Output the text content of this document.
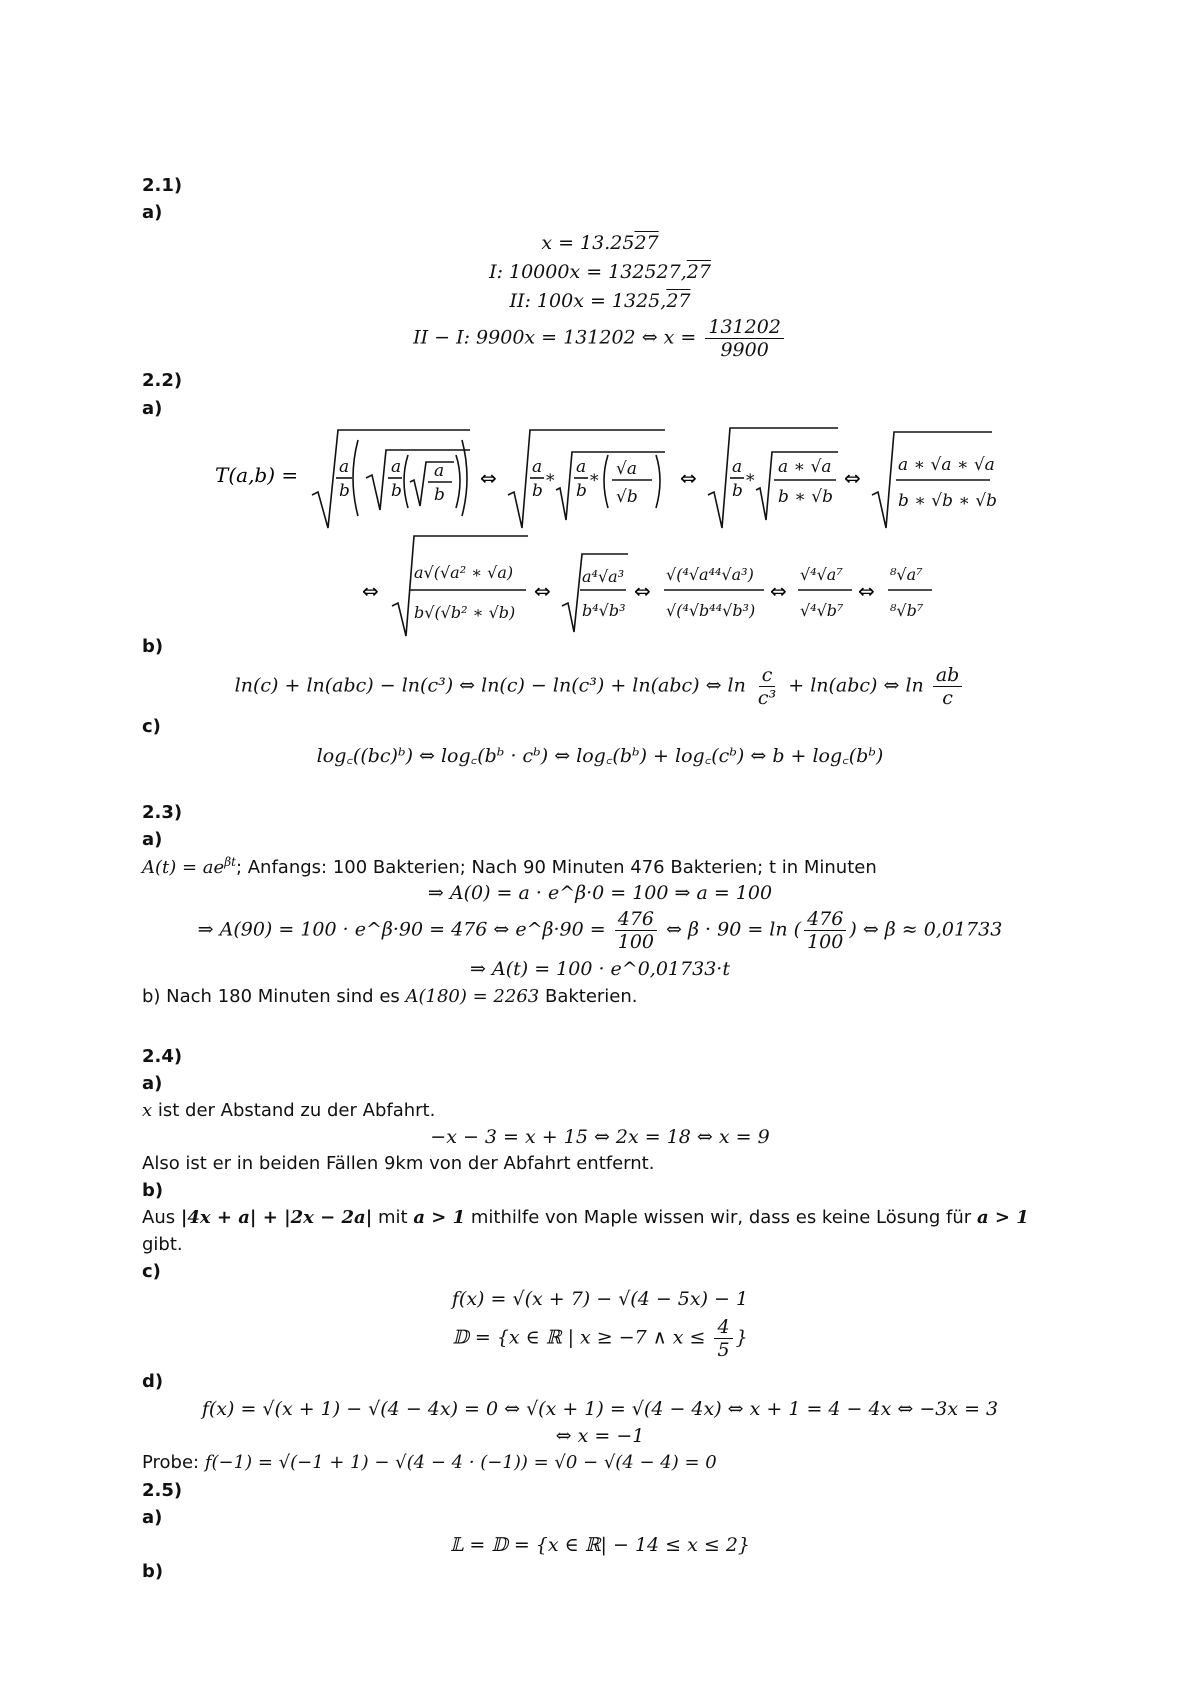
2.1)
a)
x = 13.2527
I: 10000x = 132527,27
II: 100x = 1325,27
II − I: 9900x = 131202 ⇔ $x = \frac{131202}{9900}$
2.2)
a)
T(a,b) = a
b
a
b
a
b
⇔ a
b *
a
b *
√a
√b
⇔ a
b *
a ∗ √a
b ∗ √b
⇔
a ∗ √a ∗ √a
b ∗ √b ∗ √b
⇔
a√(√a² ∗ √a)
b√(√b² ∗ √b)
⇔
a⁴√a³
b⁴√b³
⇔
√(⁴√a⁴⁴√a³)
√(⁴√b⁴⁴√b³)
⇔
√⁴√a⁷
√⁴√b⁷
⇔
⁸√a⁷
⁸√b⁷
b)
ln(c) + ln(abc) − ln(c³) ⇔ ln(c) − ln(c³) + ln(abc) ⇔ $\ln \frac{c}{\text{c³}} + \ln(abc)$ ⇔ $\ln \frac{ab}{c}$
c)
log꜀((bc)ᵇ) ⇔ log꜀(bᵇ · cᵇ) ⇔ log꜀(bᵇ) + log꜀(cᵇ) ⇔ b + log꜀(bᵇ)
2.3)
a)
$A(t) = ae^{\beta t}$; Anfangs: 100 Bakterien; Nach 90 Minuten 476 Bakterien; t in Minuten
⇒ A(0) = a · e^β·0 = 100 ⇒ a = 100
⇒ A(90) = 100 · e^β·90 = 476 ⇔ e^β·90 = $\frac{476}{100}$ ⇔ β · 90 = ln ( $\frac{476}{100}$ ) ⇔ β ≈ 0,01733
⇒ A(t) = 100 · e^0,01733·t
b) Nach 180 Minuten sind es A(180) = 2263 Bakterien.
2.4)
a)
x ist der Abstand zu der Abfahrt.
−x − 3 = x + 15 ⇔ 2x = 18 ⇔ x = 9
Also ist er in beiden Fällen 9km von der Abfahrt entfernt.
b)
Aus |4x + a| + |2x − 2a| mit a > 1 mithilfe von Maple wissen wir, dass es keine Lösung für a > 1
gibt.
c)
f(x) = √(x + 7) − √(4 − 5x) − 1
𝔻 = {x ∈ ℝ | x ≥ −7 ∧ $x \le \frac{4}{5}$ }
d)
f(x) = √(x + 1) − √(4 − 4x) = 0 ⇔ √(x + 1) = √(4 − 4x) ⇔ x + 1 = 4 − 4x ⇔ −3x = 3
⇔ x = −1
Probe: f(−1) = √(−1 + 1) − √(4 − 4 · (−1)) = √0 − √(4 − 4) = 0
2.5)
a)
𝕃 = 𝔻 = {x ∈ ℝ| − 14 ≤ x ≤ 2}
b)
